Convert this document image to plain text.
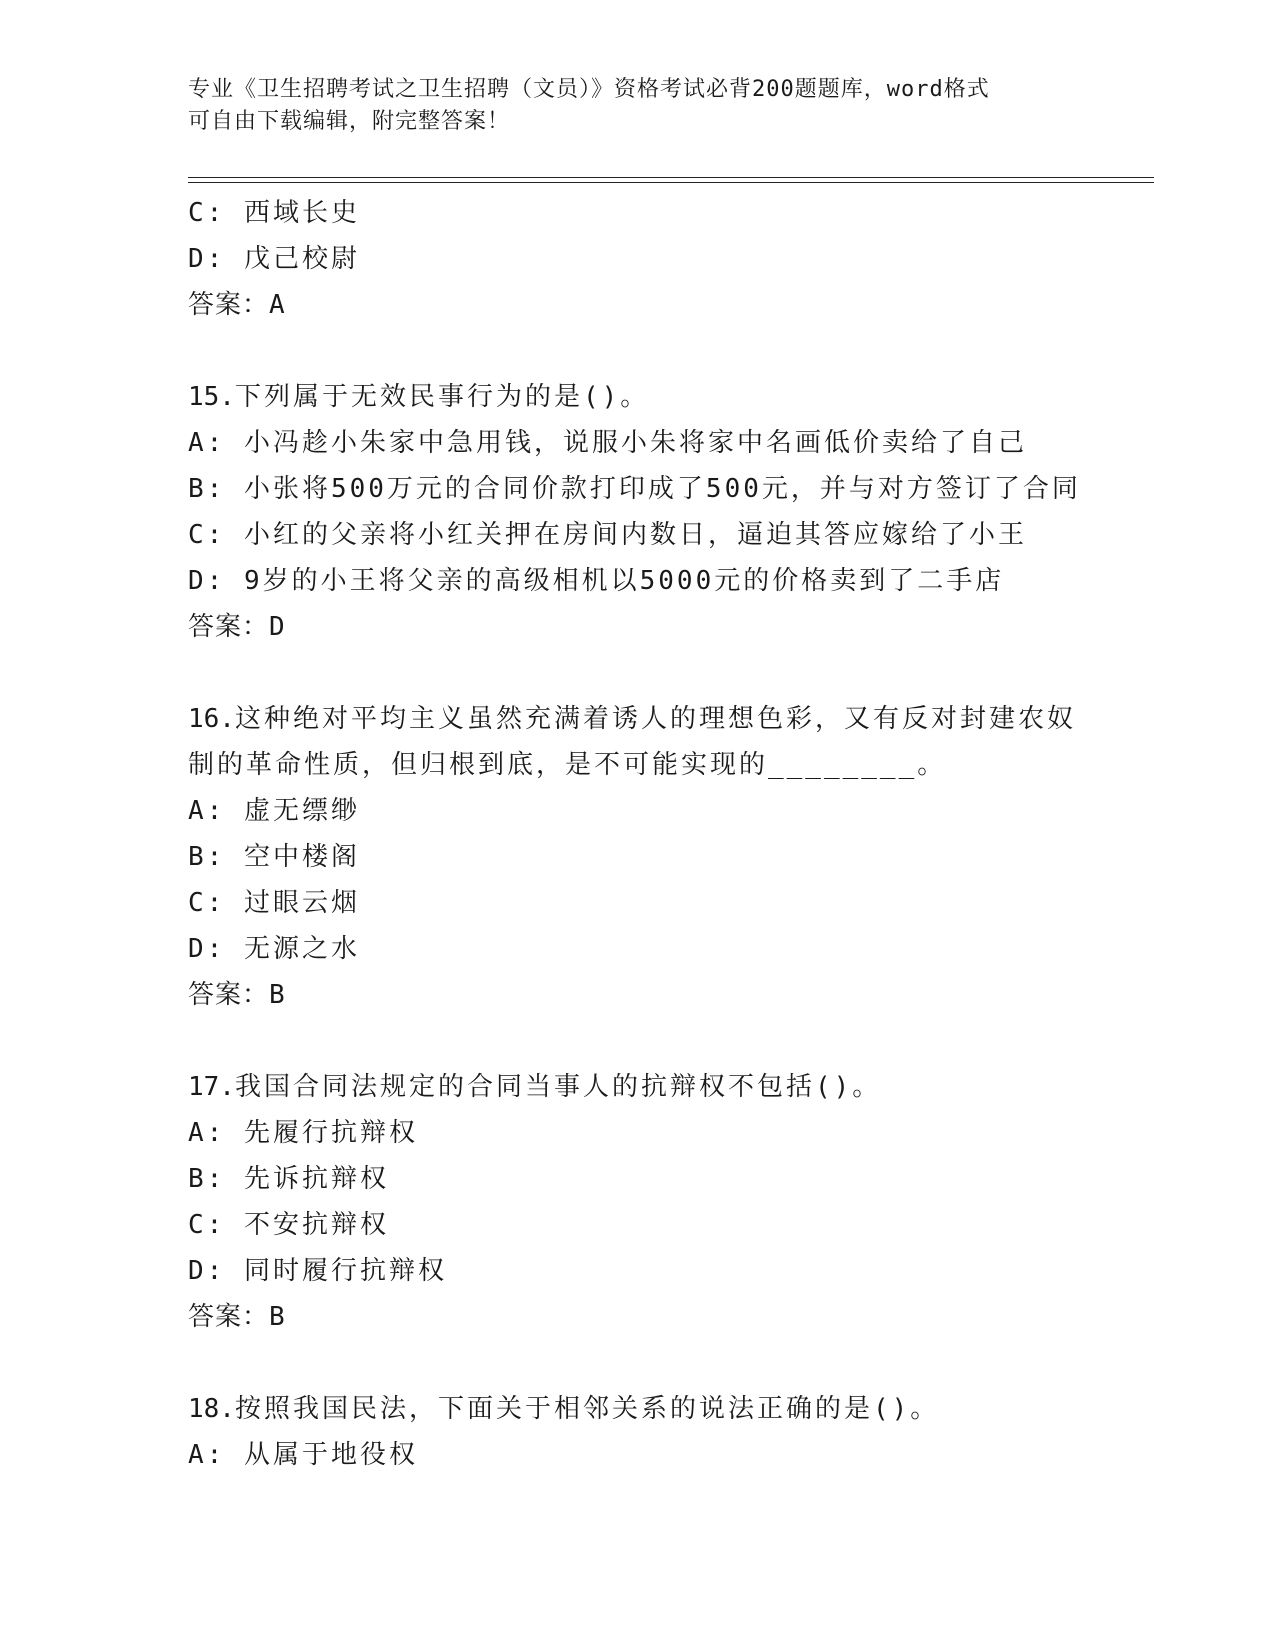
专业《卫生招聘考试之卫生招聘（文员）》资格考试必背200题题库，word格式
可自由下载编辑，附完整答案！
C: 西域长史
D: 戊己校尉
答案：A
15.下列属于无效民事行为的是()。
A: 小冯趁小朱家中急用钱，说服小朱将家中名画低价卖给了自己
B: 小张将500万元的合同价款打印成了500元，并与对方签订了合同
C: 小红的父亲将小红关押在房间内数日，逼迫其答应嫁给了小王
D: 9岁的小王将父亲的高级相机以5000元的价格卖到了二手店
答案：D
16.这种绝对平均主义虽然充满着诱人的理想色彩，又有反对封建农奴
制的革命性质，但归根到底，是不可能实现的________。
A: 虚无缥缈
B: 空中楼阁
C: 过眼云烟
D: 无源之水
答案：B
17.我国合同法规定的合同当事人的抗辩权不包括()。
A: 先履行抗辩权
B: 先诉抗辩权
C: 不安抗辩权
D: 同时履行抗辩权
答案：B
18.按照我国民法，下面关于相邻关系的说法正确的是()。
A: 从属于地役权
